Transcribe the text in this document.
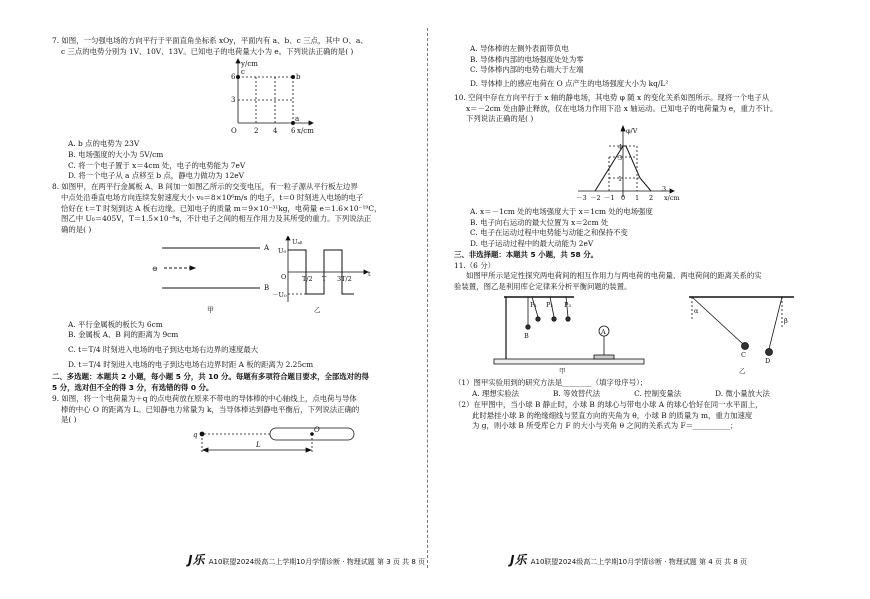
7. 如图，一匀强电场的方向平行于平面直角坐标系 xOy，平面内有 a、b、c 三点，其中 O、a、
c 三点的电势分别为 1V、10V、13V。已知电子的电荷量大小为 e。下列说法正确的是( )
y/cm
x/cm
O 2 4 6
3
6
a
b
c
A. b 点的电势为 23V
B. 电场强度的大小为 5V/cm
C. 将一个电子置于 x＝4cm 处，电子的电势能为 7eV
D. 将一个电子从 a 点移至 b 点，静电力做功为 12eV
8. 如图甲，在两平行金属板 A、B 间加一如图乙所示的交变电压，有一粒子源从平行板左边界
中点处沿垂直电场方向连续发射速度大小 v₀＝8×10⁶m/s 的电子，t＝0 时刻进入电场的电子
恰好在 t＝T 时刻到达 A 板右边缘。已知电子的质量 m＝9×10⁻³¹kg，电荷量 e＝1.6×10⁻¹⁹C，
图乙中 U₀＝405V，T＝1.5×10⁻⁸s，不计电子之间的相互作用力及其所受的重力。下列说法正
确的是( )
⊖
A
B
甲
Uₐᵦ
U₀
O
－U₀
t
T/2 T 3T/2
乙
A. 平行金属板的板长为 6cm
B. 金属板 A、B 间的距离为 9cm
C. t＝T/4 时刻进入电场的电子到达电场右边界的速度最大
D. t＝T/4 时刻进入电场的电子到达电场右边界时距 A 板的距离为 2.25cm
二、多选题：本题共 2 小题，每小题 5 分，共 10 分。每题有多项符合题目要求，全部选对的得
5 分，选对但不全的得 3 分，有选错的得 0 分。
9. 如图，将一个电荷量为＋q 的点电荷放在原来不带电的导体棒的中心轴线上，点电荷与导体
棒的中心 O 的距离为 L。已知静电力常量为 k，当导体棒达到静电平衡后，下列说法正确的
是( )
q
L
O
J乐 A10联盟2024级高二上学期10月学情诊断 · 物理试题 第 3 页 共 8 页
A. 导体棒的左侧外表面带负电
B. 导体棒内部的电场强度处处为零
C. 导体棒内部的电势右端大于左端
D. 导体棒上的感应电荷在 O 点产生的电场强度大小为 kq/L²
10. 空间中存在方向平行于 x 轴的静电场，其电势 φ 随 x 的变化关系如图所示。现将一个电子从
x＝－2cm 处由静止释放，仅在电场力作用下沿 x 轴运动。已知电子的电荷量为 e，重力不计。
下列说法正确的是( )
φ/V
x/cm
1
3
4
－3 －2 －1 0 1 2
3
A. x＝－1cm 处的电场强度大于 x＝1cm 处的电场强度
B. 电子向右运动的最大位置为 x＝2cm 处
C. 电子在运动过程中电势能与动能之和保持不变
D. 电子运动过程中的最大动能为 2eV
三、非选择题：本题共 5 小题，共 58 分。
11.（6 分）
如图甲所示是定性探究两电荷间的相互作用力与两电荷的电荷量、两电荷间的距离关系的实
验装置，图乙是利用库仑定律来分析平衡问题的装置。
P₁ P₂ P₃
A
B
C
D
α
β
甲	乙
（1）图甲实验用到的研究方法是________（填字母序号）；
A. 理想实验法	B. 等效替代法	C. 控制变量法	D. 微小量放大法
（2）在甲图中，当小球 B 静止时，小球 B 的球心与带电小球 A 的球心恰好在同一水平面上，
此时悬挂小球 B 的绝缘细线与竖直方向的夹角为 θ，小球 B 的质量为 m，重力加速度
为 g，则小球 B 所受库仑力 F 的大小与夹角 θ 之间的关系式为 F＝__________；
J乐 A10联盟2024级高二上学期10月学情诊断 · 物理试题 第 4 页 共 8 页
